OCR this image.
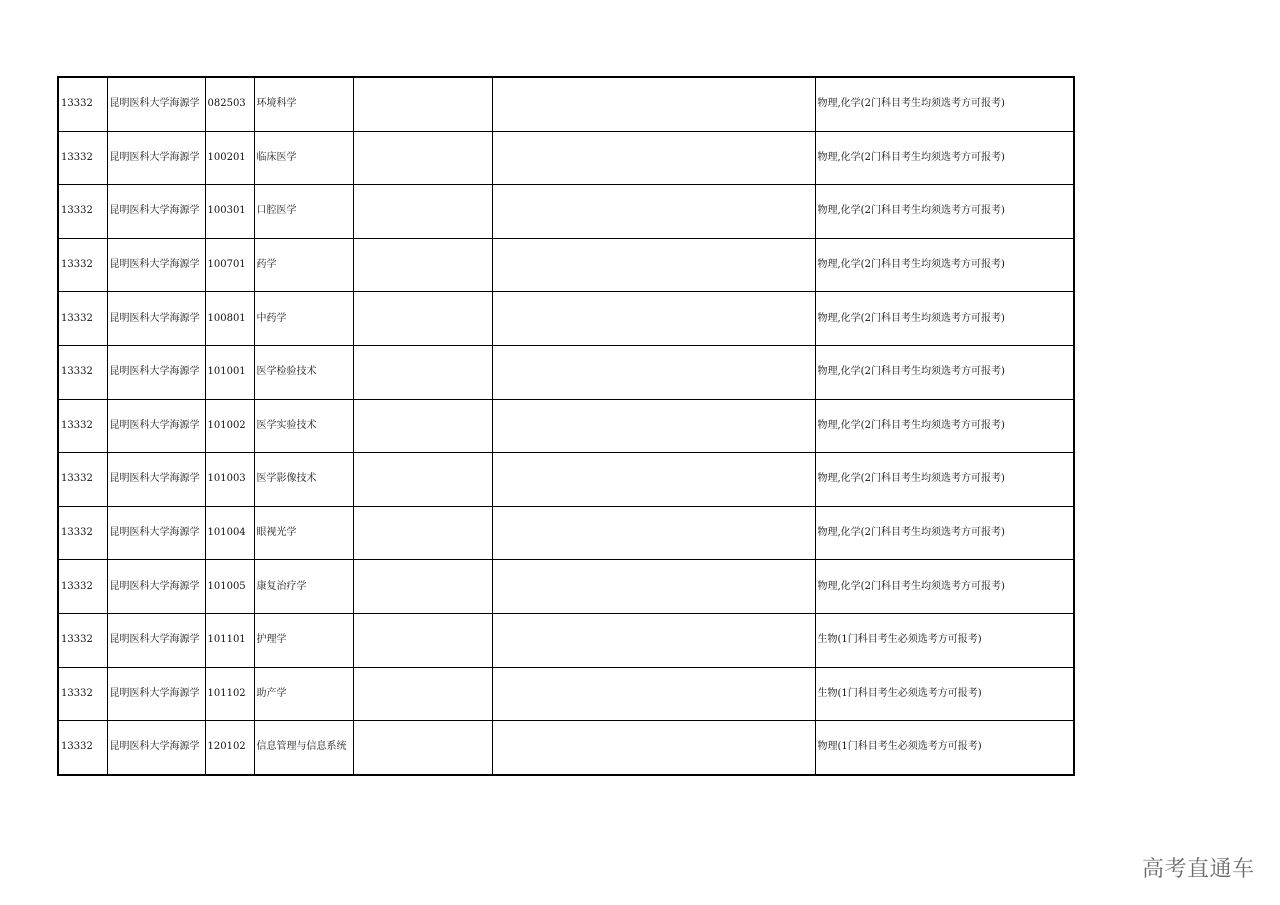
13332	昆明医科大学海源学	082503	环境科学			物理,化学(2门科目考生均须选考方可报考)
13332	昆明医科大学海源学	100201	临床医学			物理,化学(2门科目考生均须选考方可报考)
13332	昆明医科大学海源学	100301	口腔医学			物理,化学(2门科目考生均须选考方可报考)
13332	昆明医科大学海源学	100701	药学			物理,化学(2门科目考生均须选考方可报考)
13332	昆明医科大学海源学	100801	中药学			物理,化学(2门科目考生均须选考方可报考)
13332	昆明医科大学海源学	101001	医学检验技术			物理,化学(2门科目考生均须选考方可报考)
13332	昆明医科大学海源学	101002	医学实验技术			物理,化学(2门科目考生均须选考方可报考)
13332	昆明医科大学海源学	101003	医学影像技术			物理,化学(2门科目考生均须选考方可报考)
13332	昆明医科大学海源学	101004	眼视光学			物理,化学(2门科目考生均须选考方可报考)
13332	昆明医科大学海源学	101005	康复治疗学			物理,化学(2门科目考生均须选考方可报考)
13332	昆明医科大学海源学	101101	护理学			生物(1门科目考生必须选考方可报考)
13332	昆明医科大学海源学	101102	助产学			生物(1门科目考生必须选考方可报考)
13332	昆明医科大学海源学	120102	信息管理与信息系统			物理(1门科目考生必须选考方可报考)
高考直通车
